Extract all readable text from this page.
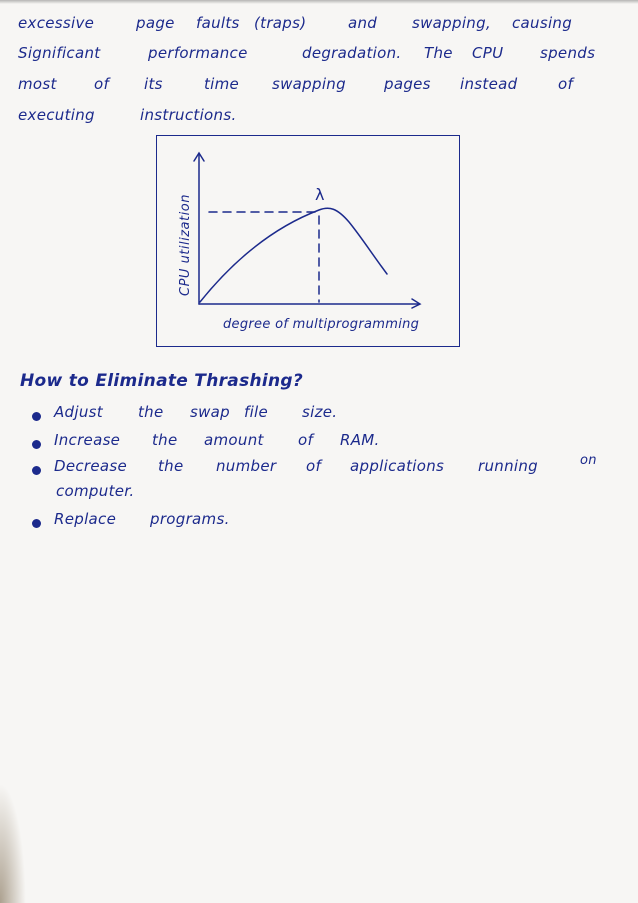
excessive	page faults (traps)	and swapping, causing
Significant	performance	degradation. The CPU spends
most of its	time swapping	pages instead	of
executing	instructions.
λ
CPU utilization
degree of multiprogramming
How to Eliminate Thrashing?
Adjust the swap file size.
Increase the amount of RAM.
Decrease the number of applications running	on
computer.
Replace programs.
